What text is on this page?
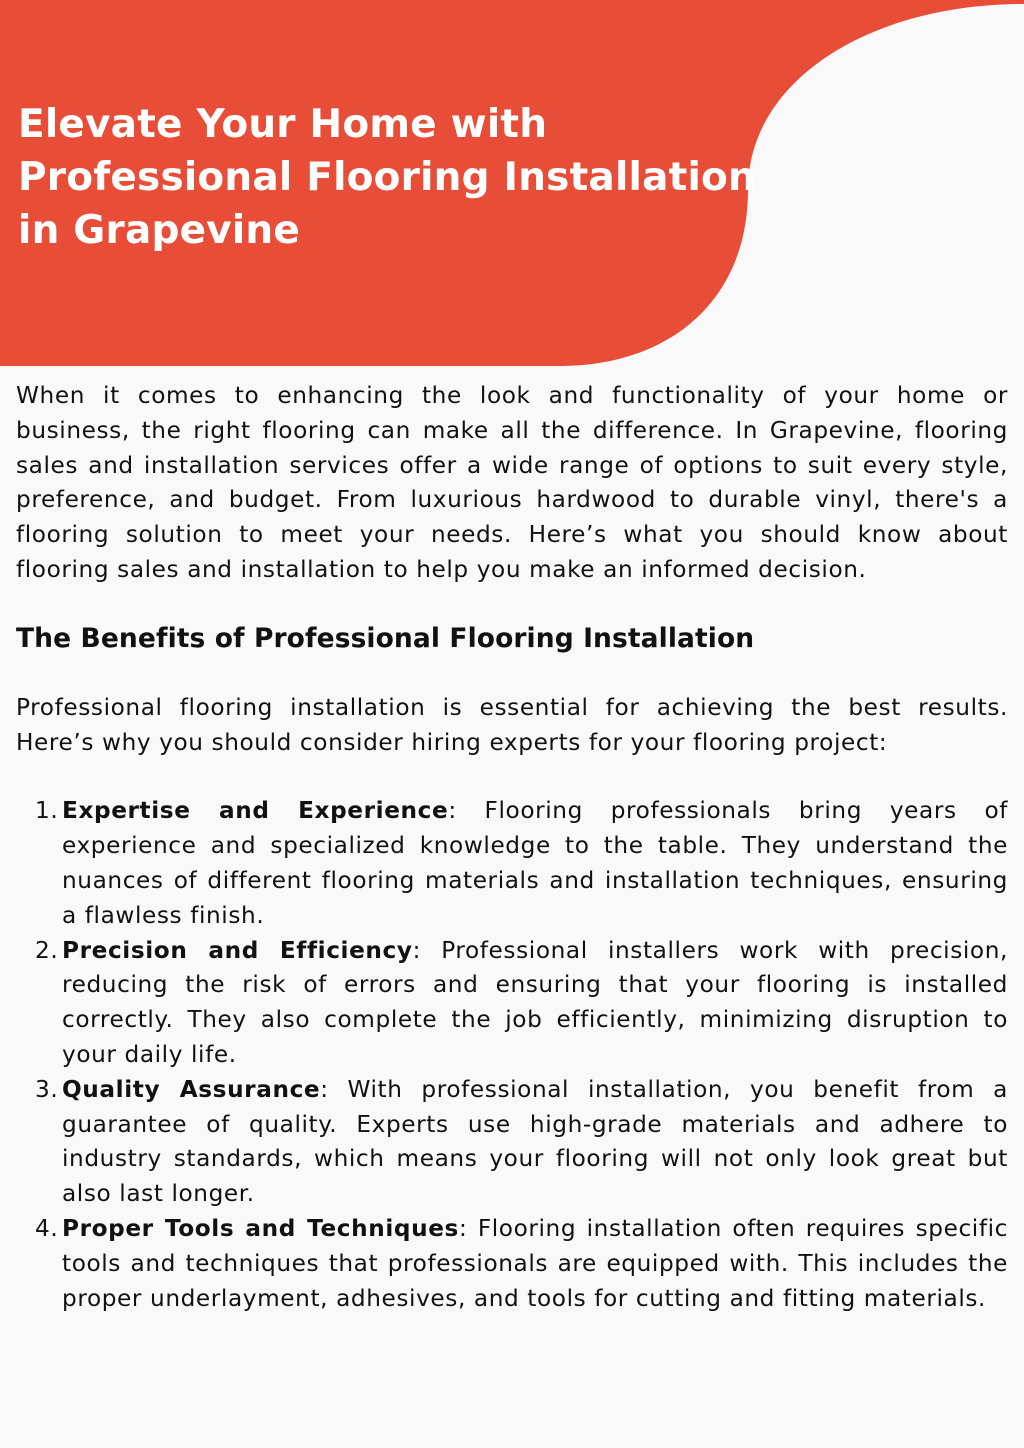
Elevate Your Home with Professional Flooring Installation in Grapevine

When it comes to enhancing the look and functionality of your home or business, the right flooring can make all the difference. In Grapevine, flooring sales and installation services offer a wide range of options to suit every style, preference, and budget. From luxurious hardwood to durable vinyl, there's a flooring solution to meet your needs. Here’s what you should know about flooring sales and installation to help you make an informed decision.

The Benefits of Professional Flooring Installation

Professional flooring installation is essential for achieving the best results. Here’s why you should consider hiring experts for your flooring project:

1. Expertise and Experience: Flooring professionals bring years of experience and specialized knowledge to the table. They understand the nuances of different flooring materials and installation techniques, ensuring a flawless finish.
2. Precision and Efficiency: Professional installers work with precision, reducing the risk of errors and ensuring that your flooring is installed correctly. They also complete the job efficiently, minimizing disruption to your daily life.
3. Quality Assurance: With professional installation, you benefit from a guarantee of quality. Experts use high-grade materials and adhere to industry standards, which means your flooring will not only look great but also last longer.
4. Proper Tools and Techniques: Flooring installation often requires specific tools and techniques that professionals are equipped with. This includes the proper underlayment, adhesives, and tools for cutting and fitting materials.
